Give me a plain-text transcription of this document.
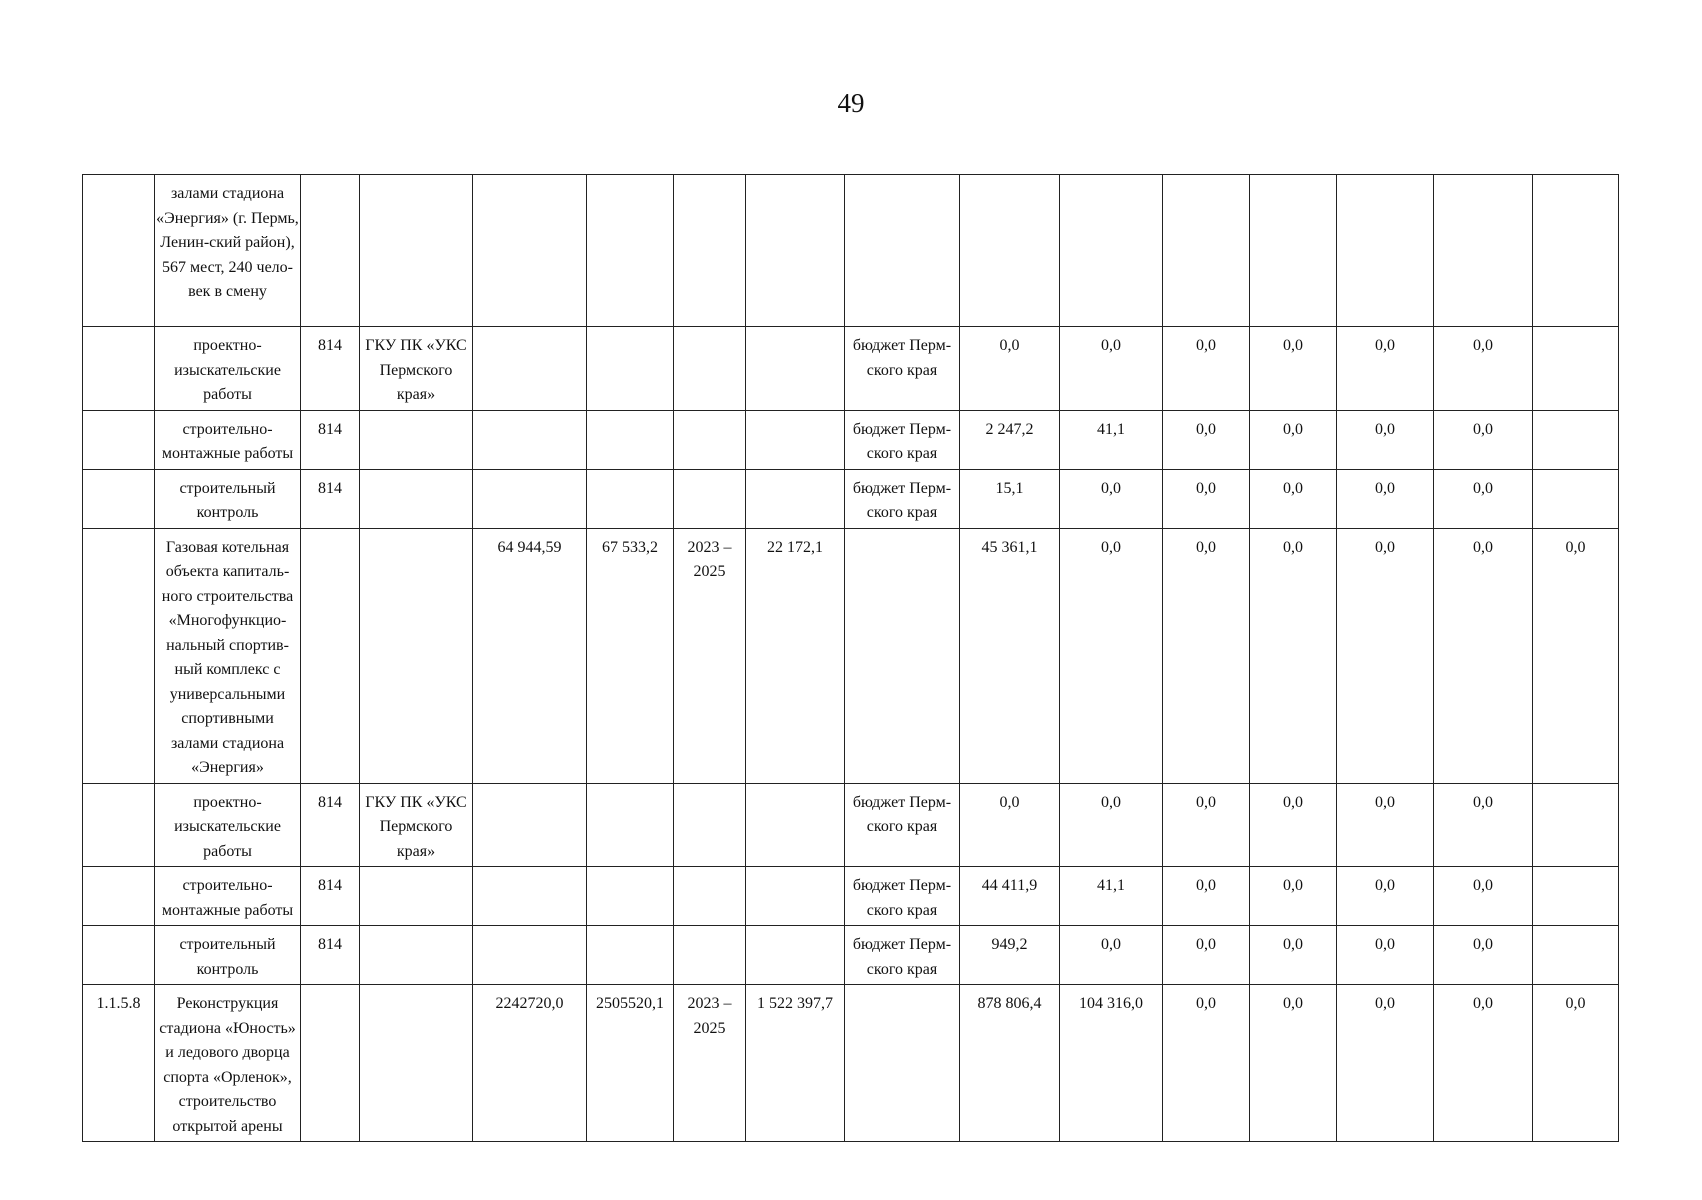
49
	залами стадиона «Энергия» (г. Пермь, Ленин-ский район), 567 мест, 240 чело-век в смену														
	проектно-изыскательские работы	814	ГКУ ПК «УКС Пермского края»					бюджет Перм-ского края	0,0	0,0	0,0	0,0	0,0	0,0	
	строительно-монтажные работы	814						бюджет Перм-ского края	2 247,2	41,1	0,0	0,0	0,0	0,0	
	строительный контроль	814						бюджет Перм-ского края	15,1	0,0	0,0	0,0	0,0	0,0	
	Газовая котельная объекта капиталь-ного строительства «Многофункцио-нальный спортив-ный комплекс с универсальными спортивными залами стадиона «Энергия»			64 944,59	67 533,2	2023 – 2025	22 172,1		45 361,1	0,0	0,0	0,0	0,0	0,0	0,0
	проектно-изыскательские работы	814	ГКУ ПК «УКС Пермского края»					бюджет Перм-ского края	0,0	0,0	0,0	0,0	0,0	0,0	
	строительно-монтажные работы	814						бюджет Перм-ского края	44 411,9	41,1	0,0	0,0	0,0	0,0	
	строительный контроль	814						бюджет Перм-ского края	949,2	0,0	0,0	0,0	0,0	0,0	
1.1.5.8	Реконструкция стадиона «Юность» и ледового дворца спорта «Орленок», строительство открытой арены			2242720,0	2505520,1	2023 – 2025	1 522 397,7		878 806,4	104 316,0	0,0	0,0	0,0	0,0	0,0
